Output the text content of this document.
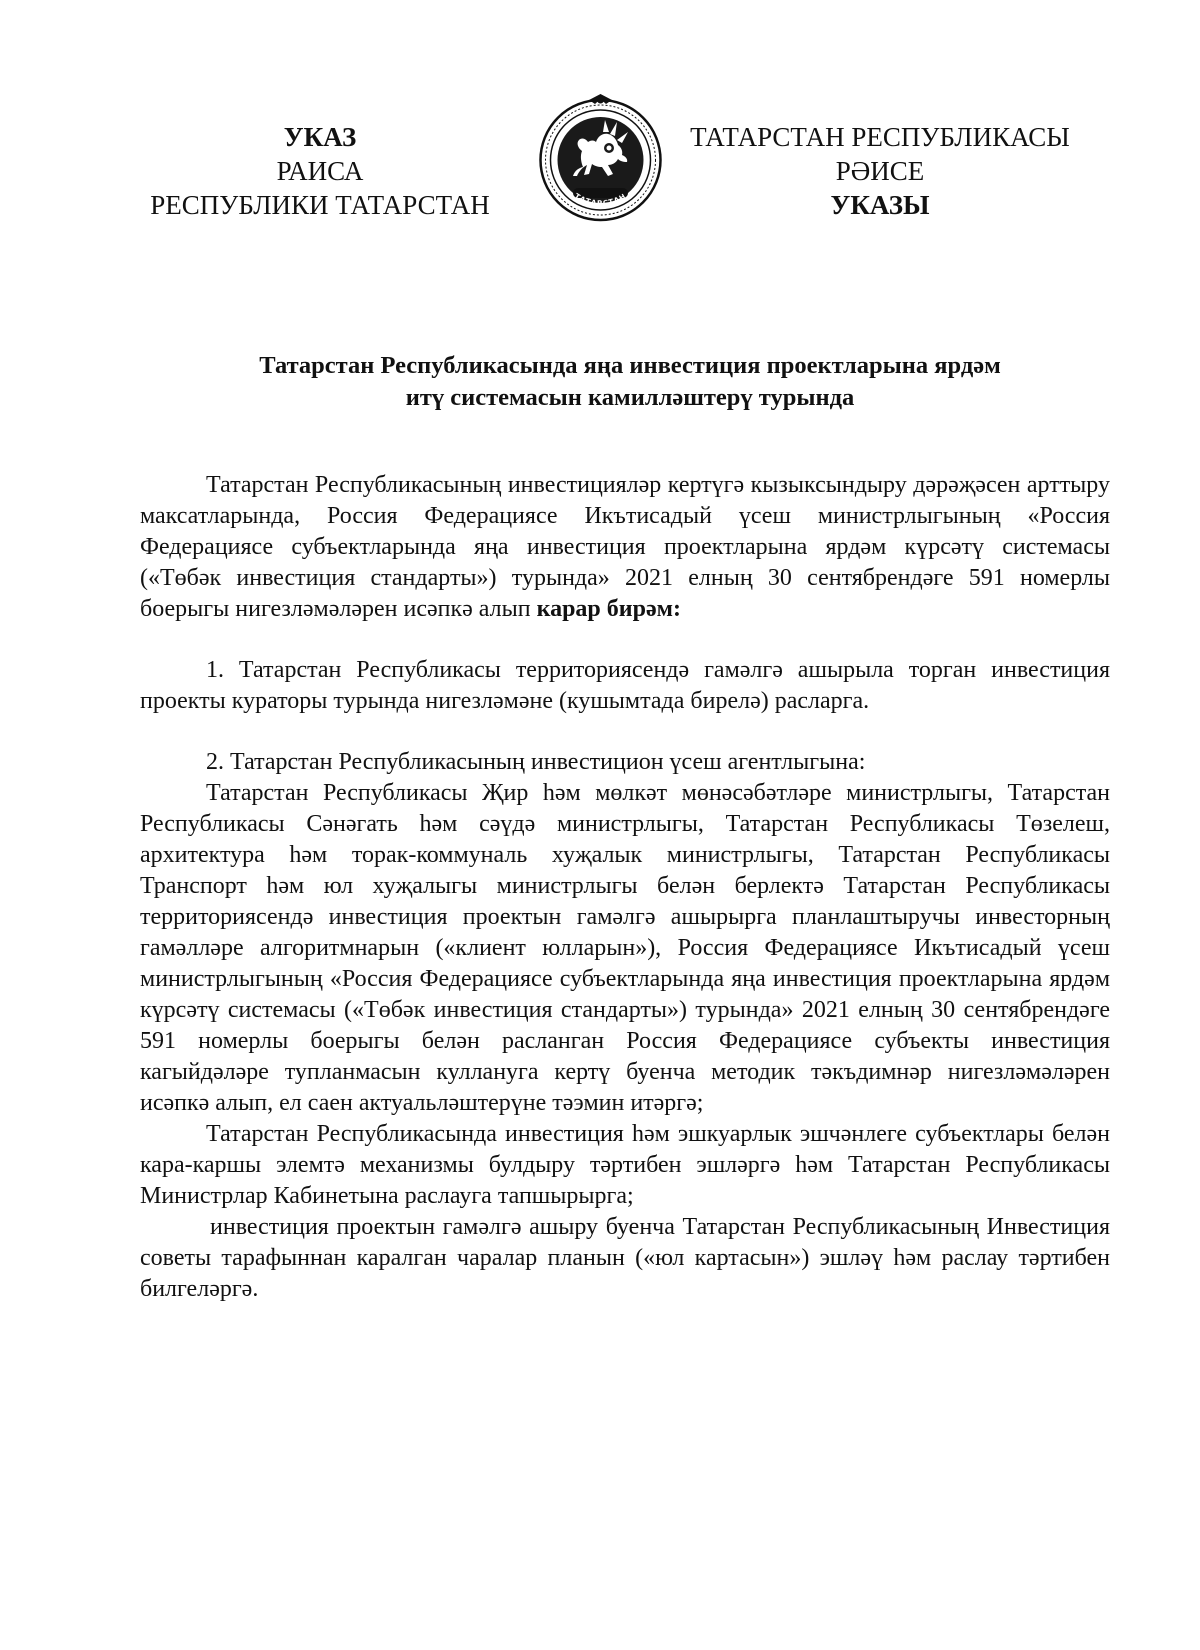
УКАЗ
РАИСА
РЕСПУБЛИКИ ТАТАРСТАН	ТАТАРСТАН
ТАТАРСТАН РЕСПУБЛИКАСЫ
РӘИСЕ
УКАЗЫ
Татарстан Республикасында яңа инвестиция проектларына ярдәм
итү системасын камилләштерү турында

Татарстан Республикасының инвестицияләр кертүгә кызыксындыру дәрәҗәсен арттыру максатларында, Россия Федерациясе Икътисадый үсеш министрлыгының «Россия Федерациясе субъектларында яңа инвестиция проектларына ярдәм күрсәтү системасы («Төбәк инвестиция стандарты») турында» 2021 елның 30 сентябрендәге 591 номерлы боерыгы нигезләмәләрен исәпкә алып карар бирәм:

1. Татарстан Республикасы территориясендә гамәлгә ашырыла торган инвестиция проекты кураторы турында нигезләмәне (кушымтада бирелә) расларга.

2. Татарстан Республикасының инвестицион үсеш агентлыгына:

Татарстан Республикасы Җир һәм мөлкәт мөнәсәбәтләре министрлыгы, Татарстан Республикасы Сәнәгать һәм сәүдә министрлыгы, Татарстан Республикасы Төзелеш, архитектура һәм торак-коммуналь хуҗалык министрлыгы, Татарстан Республикасы Транспорт һәм юл хуҗалыгы министрлыгы белән берлектә Татарстан Республикасы территориясендә инвестиция проектын гамәлгә ашырырга планлаштыручы инвесторның гамәлләре алгоритмнарын («клиент юлларын»), Россия Федерациясе Икътисадый үсеш министрлыгының «Россия Федерациясе субъектларында яңа инвестиция проектларына ярдәм күрсәтү системасы («Төбәк инвестиция стандарты») турында» 2021 елның 30 сентябрендәге 591 номерлы боерыгы белән расланган Россия Федерациясе субъекты инвестиция кагыйдәләре тупланмасын куллануга кертү буенча методик тәкъдимнәр нигезләмәләрен исәпкә алып, ел саен актуальләштерүне тәэмин итәргә;

Татарстан Республикасында инвестиция һәм эшкуарлык эшчәнлеге субъектлары белән кара-каршы элемтә механизмы булдыру тәртибен эшләргә һәм Татарстан Республикасы Министрлар Кабинетына раслауга тапшырырга;

инвестиция проектын гамәлгә ашыру буенча Татарстан Республикасының Инвестиция советы тарафыннан каралган чаралар планын («юл картасын») эшләү һәм раслау тәртибен билгеләргә.
